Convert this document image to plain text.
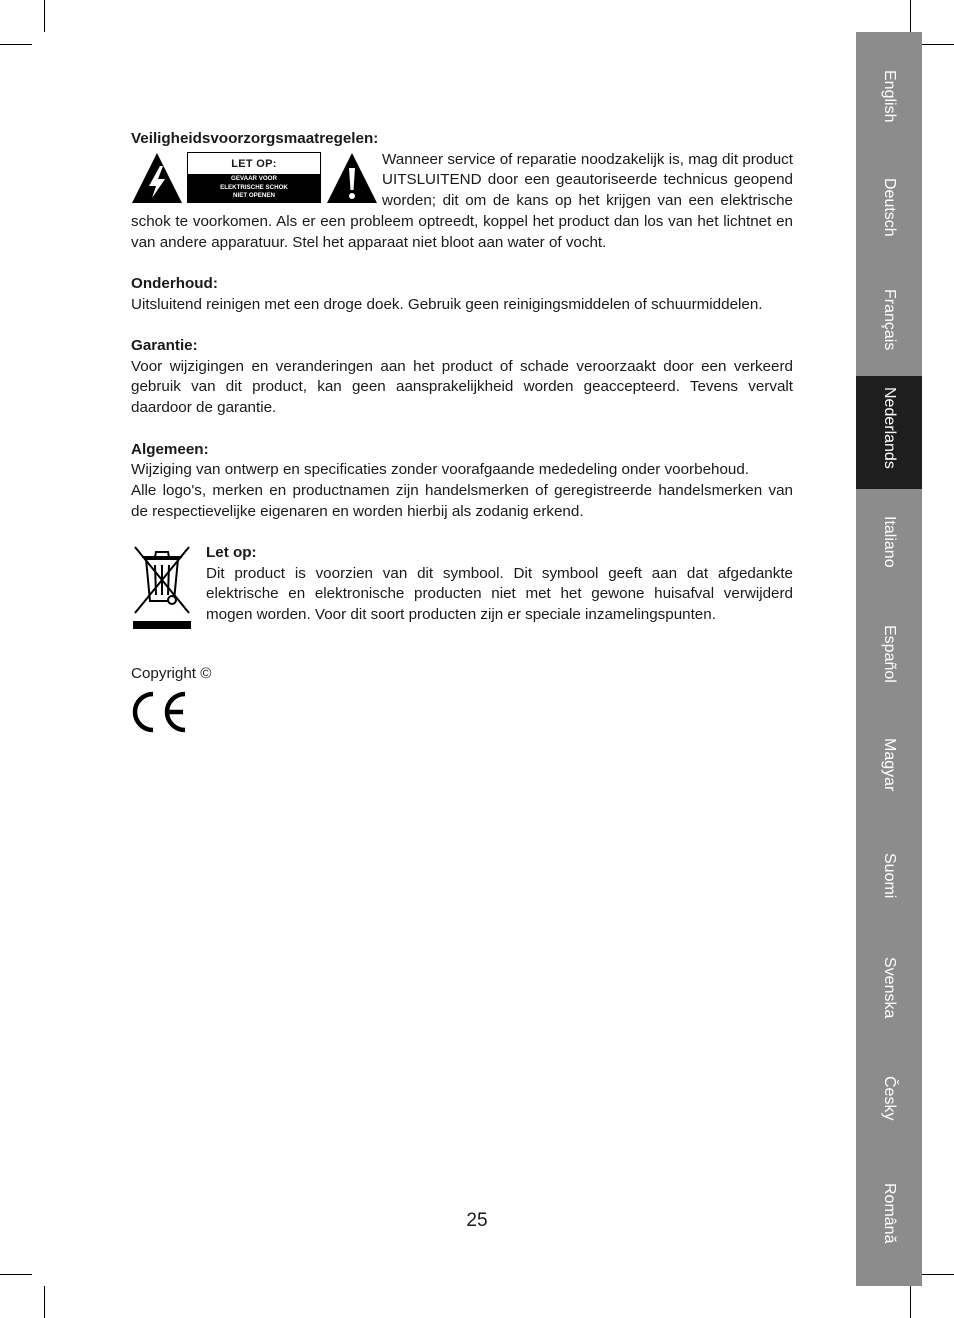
Veiligheidsvoorzorgsmaatregelen:

LET OP:
GEVAAR VOOR
ELEKTRISCHE SCHOK
NIET OPENEN

Wanneer service of reparatie noodzakelijk is, mag dit product UITSLUITEND door een geautoriseerde technicus geopend worden; dit om de kans op het krijgen van een elektrische schok te voorkomen. Als er een probleem optreedt, koppel het product dan los van het lichtnet en van andere apparatuur. Stel het apparaat niet bloot aan water of vocht.

Onderhoud:

Uitsluitend reinigen met een droge doek. Gebruik geen reinigingsmiddelen of schuurmiddelen.

Garantie:

Voor wijzigingen en veranderingen aan het product of schade veroorzaakt door een verkeerd gebruik van dit product, kan geen aansprakelijkheid worden geaccepteerd. Tevens vervalt daardoor de garantie.

Algemeen:

Wijziging van ontwerp en specificaties zonder voorafgaande mededeling onder voorbehoud.

Alle logo's, merken en productnamen zijn handelsmerken of geregistreerde handelsmerken van de respectievelijke eigenaren en worden hierbij als zodanig erkend.

Let op:

Dit product is voorzien van dit symbool. Dit symbool geeft aan dat afgedankte elektrische en elektronische producten niet met het gewone huisafval verwijderd mogen worden. Voor dit soort producten zijn er speciale inzamelingspunten.

Copyright ©

English
Deutsch
Français
Nederlands
Italiano
Español
Magyar
Suomi
Svenska
Česky
Română
25
